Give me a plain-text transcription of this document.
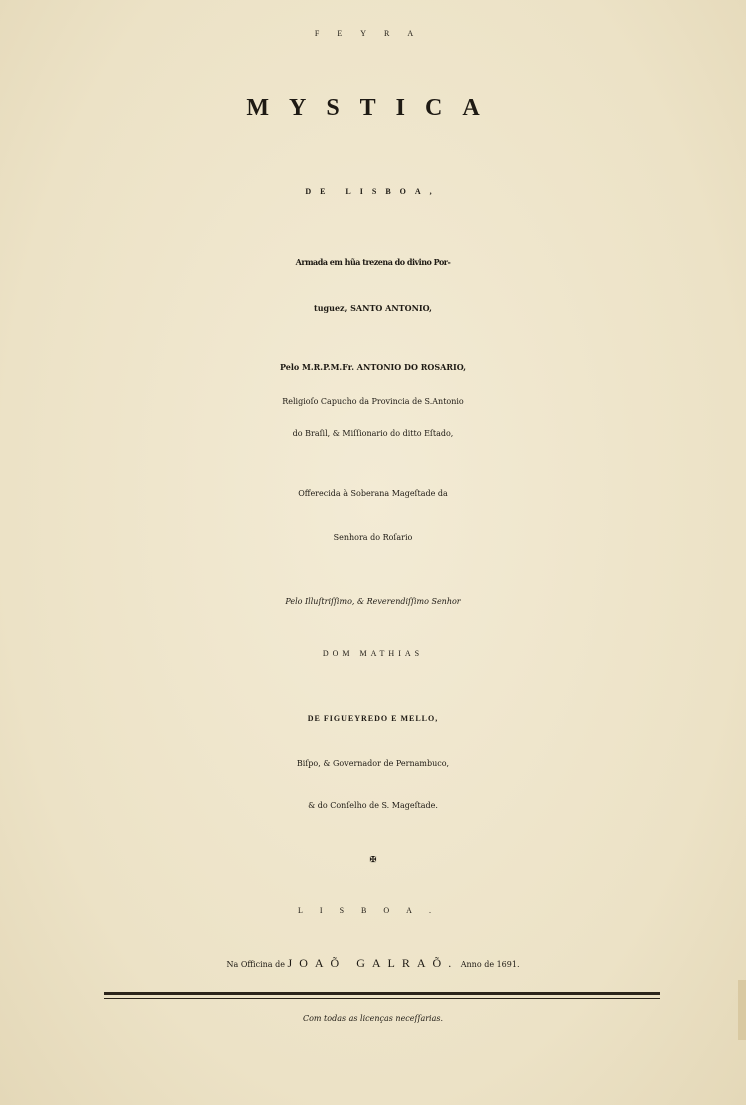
FEYRA
MYSTICA
DE LISBOA,
Armada em hũa trezena do divino Por-
tuguez, SANTO ANTONIO,
Pelo M.R.P.M.Fr. ANTONIO DO ROSARIO,
Religioſo Capucho da Provincia de S.Antonio
do Braſil, & Miſſionario do ditto Eſtado,
Offerecida à Soberana Mageſtade da
Senhora do Roſario
Pelo Illuſtriſſimo, & Reverendiſſimo Senhor
DOM MATHIAS
DE FIGUEYREDO E MELLO,
Biſpo, & Governador de Pernambuco,
& do Conſelho de S. Mageſtade.
✠
LISBOA.
Na Officina de JOAÕ GALRAÕ. Anno de 1691.
Com todas as licenças neceſſarias.
